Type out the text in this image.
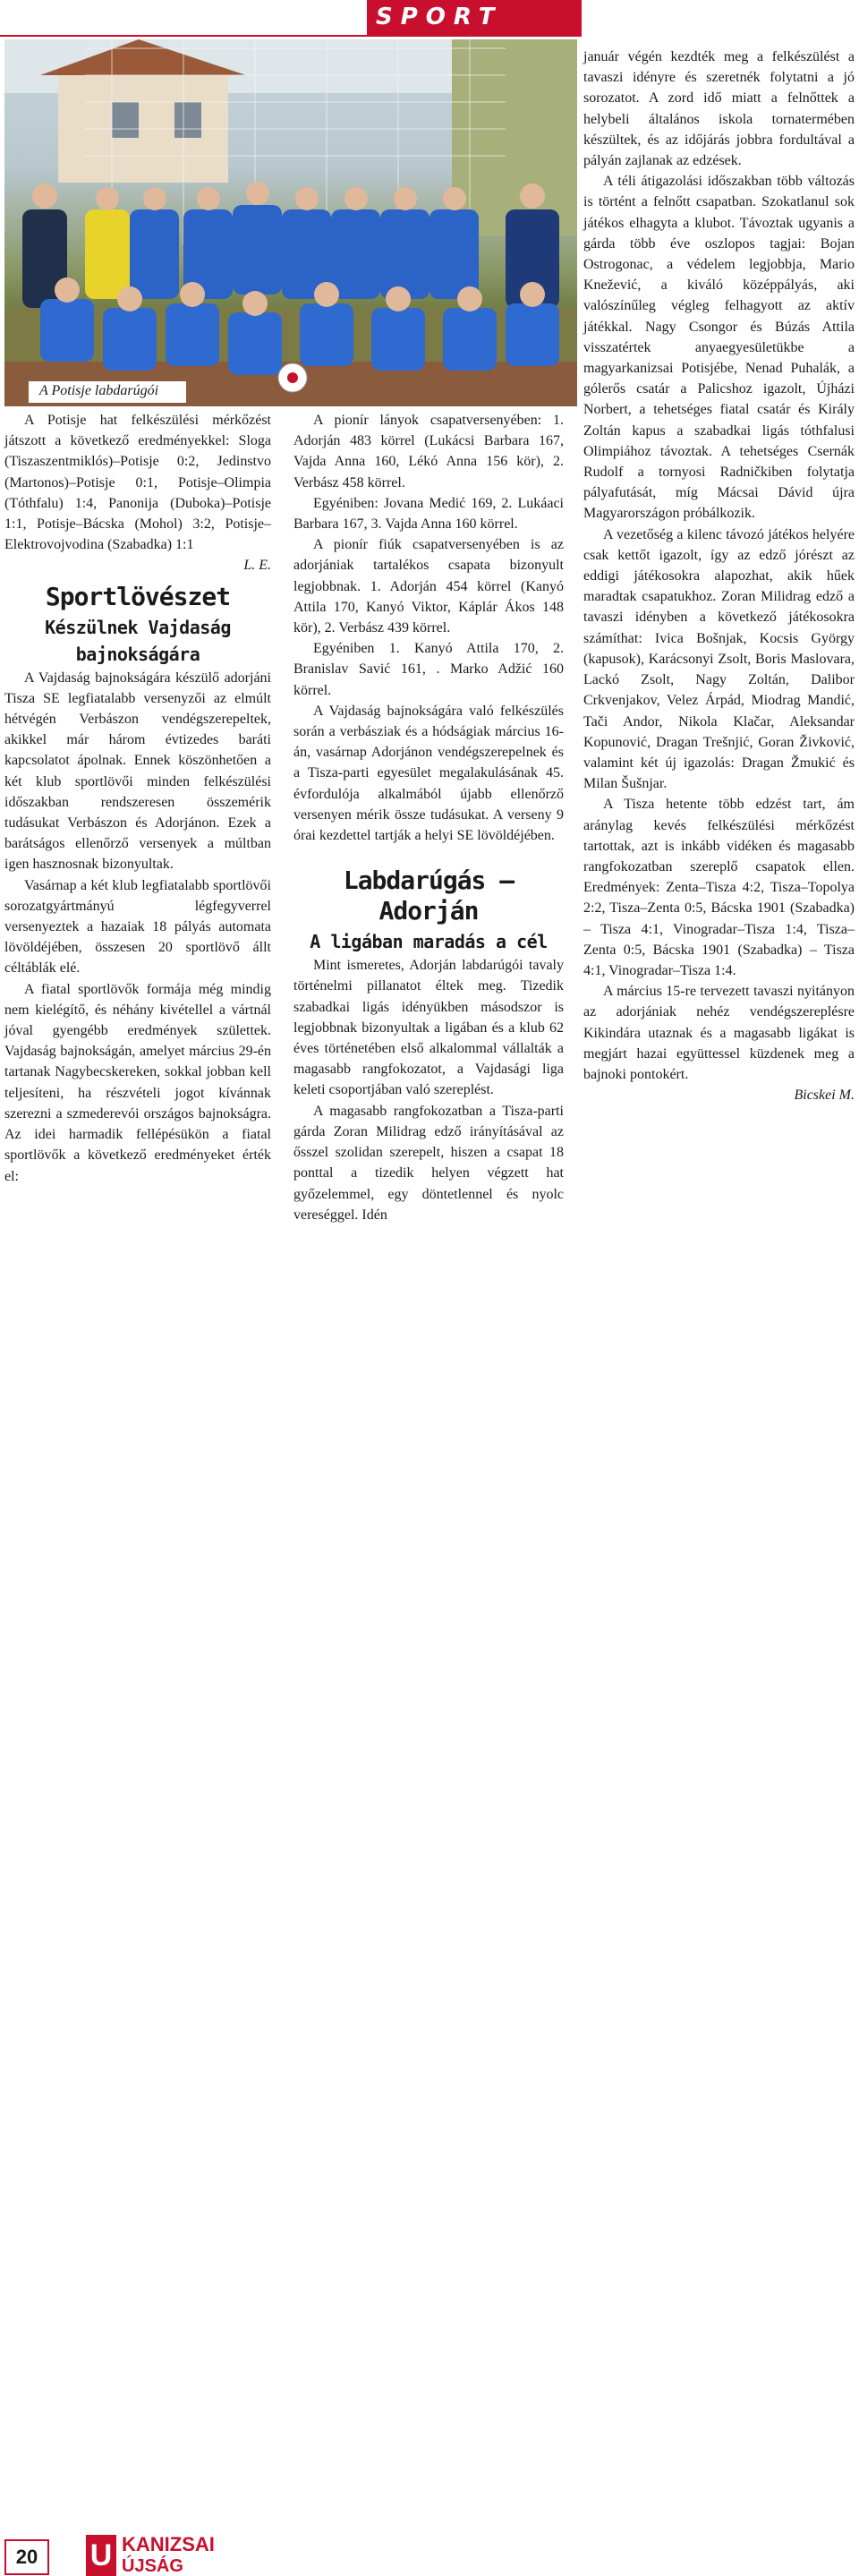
SPORT
A Potisje labdarúgói

A Potisje hat felkészülési mérkőzést játszott a következő eredményekkel: Sloga (Tiszaszentmiklós)–Potisje 0:2, Jedinstvo (Martonos)–Potisje 0:1, Potisje–Olimpia (Tóthfalu) 1:4, Panonija (Duboka)–Potisje 1:1, Potisje–Bácska (Mohol) 3:2, Potisje–Elektrovojvodina (Szabadka) 1:1

L. E.

Sportlövészet
Készülnek Vajdaság bajnokságára

A Vajdaság bajnokságára készülő adorjáni Tisza SE legfiatalabb versenyzői az elmúlt hétvégén Verbászon vendégszerepeltek, akikkel már három évtizedes baráti kapcsolatot ápolnak. Ennek köszönhetően a két klub sportlövői minden felkészülési időszakban rendszeresen összemérik tudásukat Verbászon és Adorjánon. Ezek a barátságos ellenőrző versenyek a múltban igen hasznosnak bizonyultak.

Vasárnap a két klub legfiatalabb sportlövői sorozatgyártmányú légfegyverrel versenyeztek a hazaiak 18 pályás automata lövöldéjében, összesen 20 sportlövő állt céltáblák elé.

A fiatal sportlövők formája még mindig nem kielégítő, és néhány kivétellel a vártnál jóval gyengébb eredmények születtek. Vajdaság bajnokságán, amelyet március 29-én tartanak Nagybecskereken, sokkal jobban kell teljesíteni, ha részvételi jogot kívánnak szerezni a szmederevói országos bajnokságra. Az idei harmadik fellépésükön a fiatal sportlövők a következő eredményeket érték el:

A pionír lányok csapatversenyében: 1. Adorján 483 körrel (Lukácsi Barbara 167, Vajda Anna 160, Lékó Anna 156 kör), 2. Verbász 458 körrel.

Egyéniben: Jovana Medić 169, 2. Lukáaci Barbara 167, 3. Vajda Anna 160 körrel.

A pionír fiúk csapatversenyében is az adorjániak tartalékos csapata bizonyult legjobbnak. 1. Adorján 454 körrel (Kanyó Attila 170, Kanyó Viktor, Káplár Ákos 148 kör), 2. Verbász 439 körrel.

Egyéniben 1. Kanyó Attila 170, 2. Branislav Savić 161, . Marko Adžić 160 körrel.

A Vajdaság bajnokságára való felkészülés során a verbásziak és a hódságiak március 16-án, vasárnap Adorjánon vendégszerepelnek és a Tisza-parti egyesület megalakulásának 45. évfordulója alkalmából újabb ellenőrző versenyen mérik össze tudásukat. A verseny 9 órai kezdettel tartják a helyi SE lövöldéjében.

Labdarúgás – Adorján
A ligában maradás a cél

Mint ismeretes, Adorján labdarúgói tavaly történelmi pillanatot éltek meg. Tizedik szabadkai ligás idényükben másodszor is legjobbnak bizonyultak a ligában és a klub 62 éves történetében első alkalommal vállalták a magasabb rangfokozatot, a Vajdasági liga keleti csoportjában való szereplést.

A magasabb rangfokozatban a Tisza-parti gárda Zoran Milidrag edző irányításával az ősszel szolidan szerepelt, hiszen a csapat 18 ponttal a tizedik helyen végzett hat győzelemmel, egy döntetlennel és nyolc vereséggel. Idén

január végén kezdték meg a felkészülést a tavaszi idényre és szeretnék folytatni a jó sorozatot. A zord idő miatt a felnőttek a helybeli általános iskola tornatermében készültek, és az időjárás jobbra fordultával a pályán zajlanak az edzések.

A téli átigazolási időszakban több változás is történt a felnőtt csapatban. Szokatlanul sok játékos elhagyta a klubot. Távoztak ugyanis a gárda több éve oszlopos tagjai: Bojan Ostrogonac, a védelem legjobbja, Mario Knežević, a kiváló középpályás, aki valószínűleg végleg felhagyott az aktív játékkal. Nagy Csongor és Búzás Attila visszatértek anyaegyesületükbe a magyarkanizsai Potisjébe, Nenad Puhalák, a gólerős csatár a Palicshoz igazolt, Újházi Norbert, a tehetséges fiatal csatár és Király Zoltán kapus a szabadkai ligás tóthfalusi Olimpiához távoztak. A tehetséges Csernák Rudolf a tornyosi Radničkiben folytatja pályafutását, míg Mácsai Dávid újra Magyarországon próbálkozik.

A vezetőség a kilenc távozó játékos helyére csak kettőt igazolt, így az edző jórészt az eddigi játékosokra alapozhat, akik hűek maradtak csapatukhoz. Zoran Milidrag edző a tavaszi idényben a következő játékosokra számíthat: Ivica Bošnjak, Kocsis György (kapusok), Karácsonyi Zsolt, Boris Maslovara, Lackó Zsolt, Nagy Zoltán, Dalibor Crkvenjakov, Velez Árpád, Miodrag Mandić, Tači Andor, Nikola Klačar, Aleksandar Kopunović, Dragan Trešnjić, Goran Živković, valamint két új igazolás: Dragan Žmukić és Milan Šušnjar.

A Tisza hetente több edzést tart, ám aránylag kevés felkészülési mérkőzést tartottak, azt is inkább vidéken és magasabb rangfokozatban szereplő csapatok ellen. Eredmények: Zenta–Tisza 4:2, Tisza–Topolya 2:2, Tisza–Zenta 0:5, Bácska 1901 (Szabadka) – Tisza 4:1, Vinogradar–Tisza 1:4, Tisza– Zenta 0:5, Bácska 1901 (Szabadka) – Tisza 4:1, Vinogradar–Tisza 1:4.

A március 15-re tervezett tavaszi nyitányon az adorjániak nehéz vendégszereplésre Kikindára utaznak és a magasabb ligákat is megjárt hazai együttessel küzdenek meg a bajnoki pontokért.

Bicskei M.

20	U KANIZSAI
ÚJSÁG
